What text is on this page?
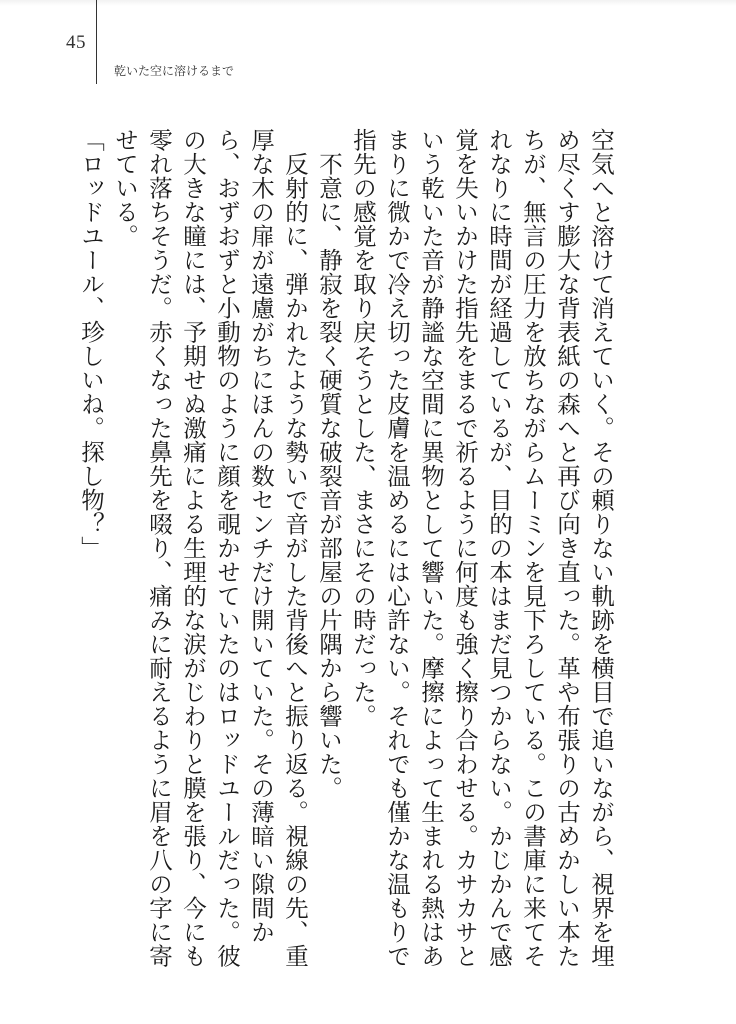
45
乾いた空に溶けるまで

空気へと溶けて消えていく。その頼りない軌跡を横目で追いながら、視界を埋め尽くす膨大な背表紙の森へと再び向き直った。革や布張りの古めかしい本たちが、無言の圧力を放ちながらムーミンを見下ろしている。この書庫に来てそれなりに時間が経過しているが、目的の本はまだ見つからない。かじかんで感覚を失いかけた指先をまるで祈るように何度も強く擦り合わせる。カサカサという乾いた音が静謐な空間に異物として響いた。摩擦によって生まれる熱はあまりに微かで冷え切った皮膚を温めるには心許ない。それでも僅かな温もりで指先の感覚を取り戻そうとした、まさにその時だった。

不意に、静寂を裂く硬質な破裂音が部屋の片隅から響いた。

反射的に、弾かれたような勢いで音がした背後へと振り返る。視線の先、重厚な木の扉が遠慮がちにほんの数センチだけ開いていた。その薄暗い隙間から、おずおずと小動物のように顔を覗かせていたのはロッドユールだった。彼の大きな瞳には、予期せぬ激痛による生理的な涙がじわりと膜を張り、今にも零れ落ちそうだ。赤くなった鼻先を啜り、痛みに耐えるように眉を八の字に寄せている。

「ロッドユール、珍しいね。探し物？」
